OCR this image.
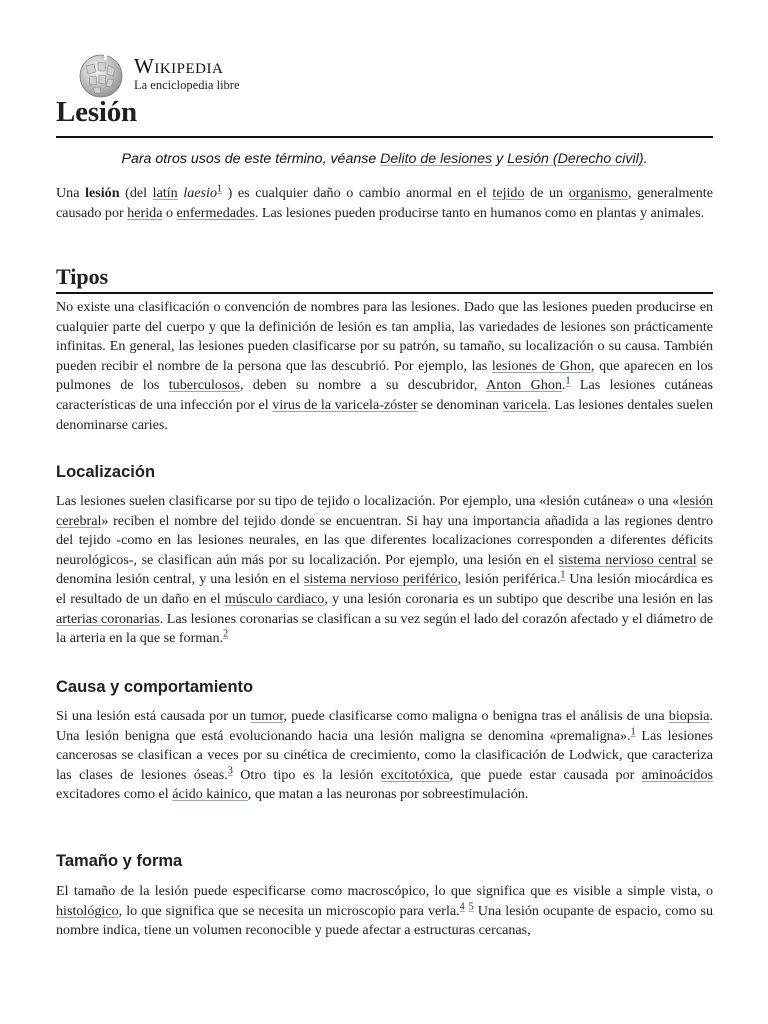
Wikipedia
La enciclopedia libre
Lesión
Para otros usos de este término, véanse Delito de lesiones y Lesión (Derecho civil).

Una lesión (del latín laesio$^1$ ) es cualquier daño o cambio anormal en el tejido de un organismo, generalmente causado por herida o enfermedades. Las lesiones pueden producirse tanto en humanos como en plantas y animales.

Tipos

No existe una clasificación o convención de nombres para las lesiones. Dado que las lesiones pueden producirse en cualquier parte del cuerpo y que la definición de lesión es tan amplia, las variedades de lesiones son prácticamente infinitas. En general, las lesiones pueden clasificarse por su patrón, su tamaño, su localización o su causa. También pueden recibir el nombre de la persona que las descubrió. Por ejemplo, las lesiones de Ghon, que aparecen en los pulmones de los tuberculosos, deben su nombre a su descubridor, Anton Ghon.$^1$ Las lesiones cutáneas características de una infección por el virus de la varicela-zóster se denominan varicela. Las lesiones dentales suelen denominarse caries.

Localización

Las lesiones suelen clasificarse por su tipo de tejido o localización. Por ejemplo, una «lesión cutánea» o una «lesión cerebral» reciben el nombre del tejido donde se encuentran. Si hay una importancia añadida a las regiones dentro del tejido -como en las lesiones neurales, en las que diferentes localizaciones corresponden a diferentes déficits neurológicos-, se clasifican aún más por su localización. Por ejemplo, una lesión en el sistema nervioso central se denomina lesión central, y una lesión en el sistema nervioso periférico, lesión periférica.$^1$ Una lesión miocárdica es el resultado de un daño en el músculo cardiaco, y una lesión coronaria es un subtipo que describe una lesión en las arterias coronarias. Las lesiones coronarias se clasifican a su vez según el lado del corazón afectado y el diámetro de la arteria en la que se forman.$^2$

Causa y comportamiento

Si una lesión está causada por un tumor, puede clasificarse como maligna o benigna tras el análisis de una biopsia. Una lesión benigna que está evolucionando hacia una lesión maligna se denomina «premaligna».$^1$ Las lesiones cancerosas se clasifican a veces por su cinética de crecimiento, como la clasificación de Lodwick, que caracteriza las clases de lesiones óseas.$^3$ Otro tipo es la lesión excitotóxica, que puede estar causada por aminoácidos excitadores como el ácido kainico, que matan a las neuronas por sobreestimulación.

Tamaño y forma

El tamaño de la lesión puede especificarse como macroscópico, lo que significa que es visible a simple vista, o histológico, lo que significa que se necesita un microscopio para verla.$^4$ $^5$ Una lesión ocupante de espacio, como su nombre indica, tiene un volumen reconocible y puede afectar a estructuras cercanas,
